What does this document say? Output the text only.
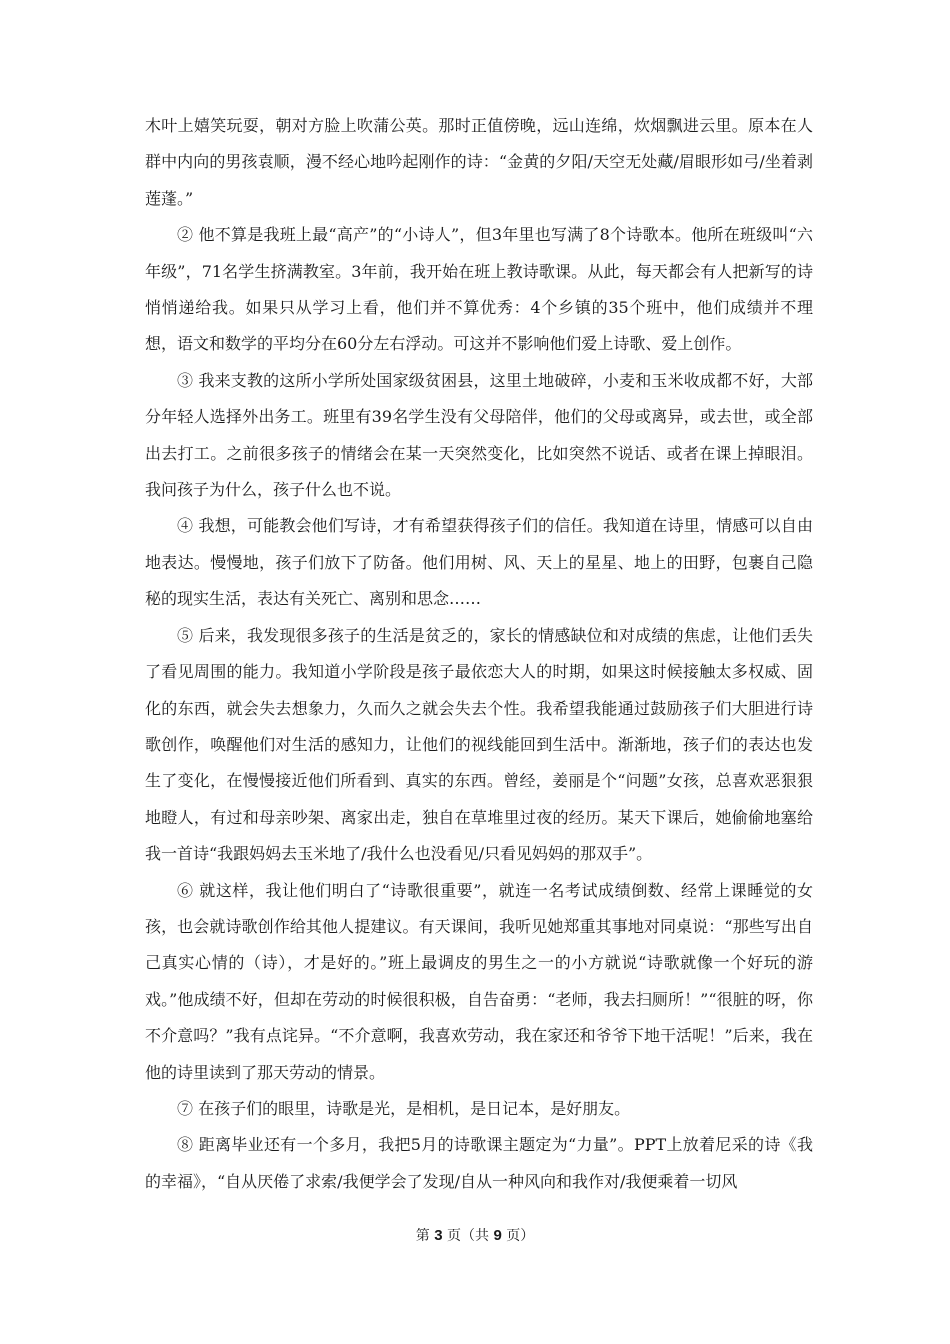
木叶上嬉笑玩耍，朝对方脸上吹蒲公英。那时正值傍晚，远山连绵，炊烟飘进云里。原本在人群中内向的男孩袁顺，漫不经心地吟起刚作的诗：“金黄的夕阳/天空无处藏/眉眼形如弓/坐着剥莲蓬。”

② 他不算是我班上最“高产”的“小诗人”，但3年里也写满了8个诗歌本。他所在班级叫“六年级”，71名学生挤满教室。3年前，我开始在班上教诗歌课。从此，每天都会有人把新写的诗悄悄递给我。如果只从学习上看，他们并不算优秀：4个乡镇的35个班中，他们成绩并不理想，语文和数学的平均分在60分左右浮动。可这并不影响他们爱上诗歌、爱上创作。

③ 我来支教的这所小学所处国家级贫困县，这里土地破碎，小麦和玉米收成都不好，大部分年轻人选择外出务工。班里有39名学生没有父母陪伴，他们的父母或离异，或去世，或全部出去打工。之前很多孩子的情绪会在某一天突然变化，比如突然不说话、或者在课上掉眼泪。我问孩子为什么，孩子什么也不说。

④ 我想，可能教会他们写诗，才有希望获得孩子们的信任。我知道在诗里，情感可以自由地表达。慢慢地，孩子们放下了防备。他们用树、风、天上的星星、地上的田野，包裹自己隐秘的现实生活，表达有关死亡、离别和思念……

⑤ 后来，我发现很多孩子的生活是贫乏的，家长的情感缺位和对成绩的焦虑，让他们丢失了看见周围的能力。我知道小学阶段是孩子最依恋大人的时期，如果这时候接触太多权威、固化的东西，就会失去想象力，久而久之就会失去个性。我希望我能通过鼓励孩子们大胆进行诗歌创作，唤醒他们对生活的感知力，让他们的视线能回到生活中。渐渐地，孩子们的表达也发生了变化，在慢慢接近他们所看到、真实的东西。曾经，姜丽是个“问题”女孩，总喜欢恶狠狠地瞪人，有过和母亲吵架、离家出走，独自在草堆里过夜的经历。某天下课后，她偷偷地塞给我一首诗“我跟妈妈去玉米地了/我什么也没看见/只看见妈妈的那双手”。

⑥ 就这样，我让他们明白了“诗歌很重要”，就连一名考试成绩倒数、经常上课睡觉的女孩，也会就诗歌创作给其他人提建议。有天课间，我听见她郑重其事地对同桌说：“那些写出自己真实心情的（诗），才是好的。”班上最调皮的男生之一的小方就说“诗歌就像一个好玩的游戏。”他成绩不好，但却在劳动的时候很积极，自告奋勇：“老师，我去扫厕所！”“很脏的呀，你不介意吗？”我有点诧异。“不介意啊，我喜欢劳动，我在家还和爷爷下地干活呢！”后来，我在他的诗里读到了那天劳动的情景。

⑦ 在孩子们的眼里，诗歌是光，是相机，是日记本，是好朋友。

⑧ 距离毕业还有一个多月，我把5月的诗歌课主题定为“力量”。PPT上放着尼采的诗《我的幸福》，“自从厌倦了求索/我便学会了发现/自从一种风向和我作对/我便乘着一切风

第 3 页（共 9 页）
